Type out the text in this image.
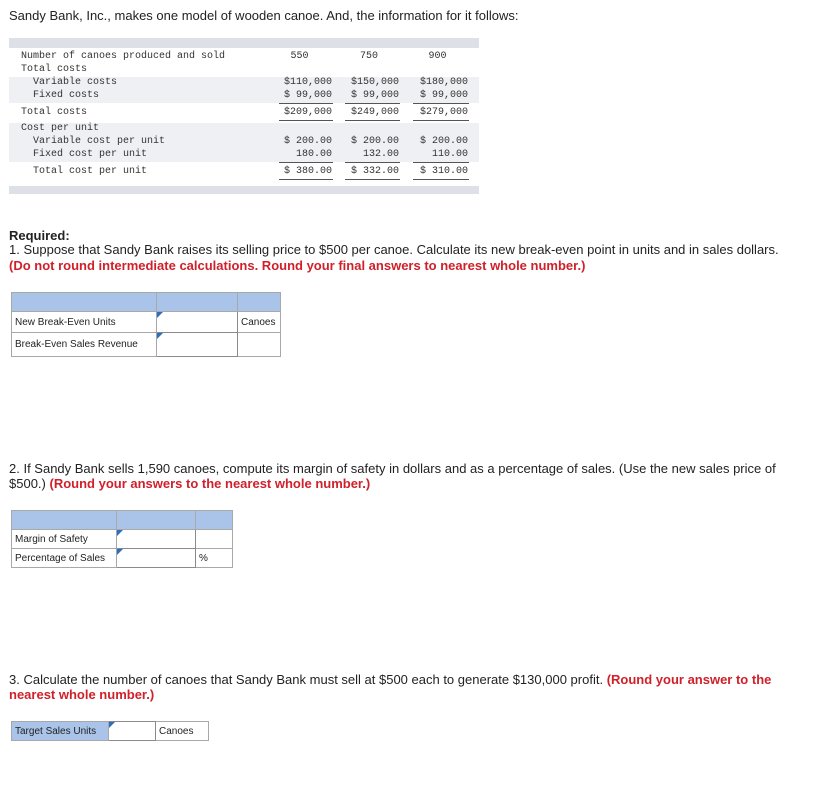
Sandy Bank, Inc., makes one model of wooden canoe. And, the information for it follows:
Number of canoes produced and sold	550	750	900
Total costs
Variable costs	$110,000	$150,000	$180,000
Fixed costs	$ 99,000	$ 99,000	$ 99,000
Total costs	$209,000	$249,000	$279,000
Cost per unit
Variable cost per unit	$ 200.00	$ 200.00	$ 200.00
Fixed cost per unit	180.00	132.00	110.00
Total cost per unit	$ 380.00	$ 332.00	$ 310.00
Required:
1. Suppose that Sandy Bank raises its selling price to $500 per canoe. Calculate its new break-even point in units and in sales dollars.
(Do not round intermediate calculations. Round your final answers to nearest whole number.)

New Break-Even Units		Canoes
Break-Even Sales Revenue		
2. If Sandy Bank sells 1,590 canoes, compute its margin of safety in dollars and as a percentage of sales. (Use the new sales price of $500.) (Round your answers to the nearest whole number.)

Margin of Safety		
Percentage of Sales		%
3. Calculate the number of canoes that Sandy Bank must sell at $500 each to generate $130,000 profit. (Round your answer to the nearest whole number.)
Target Sales Units		Canoes
